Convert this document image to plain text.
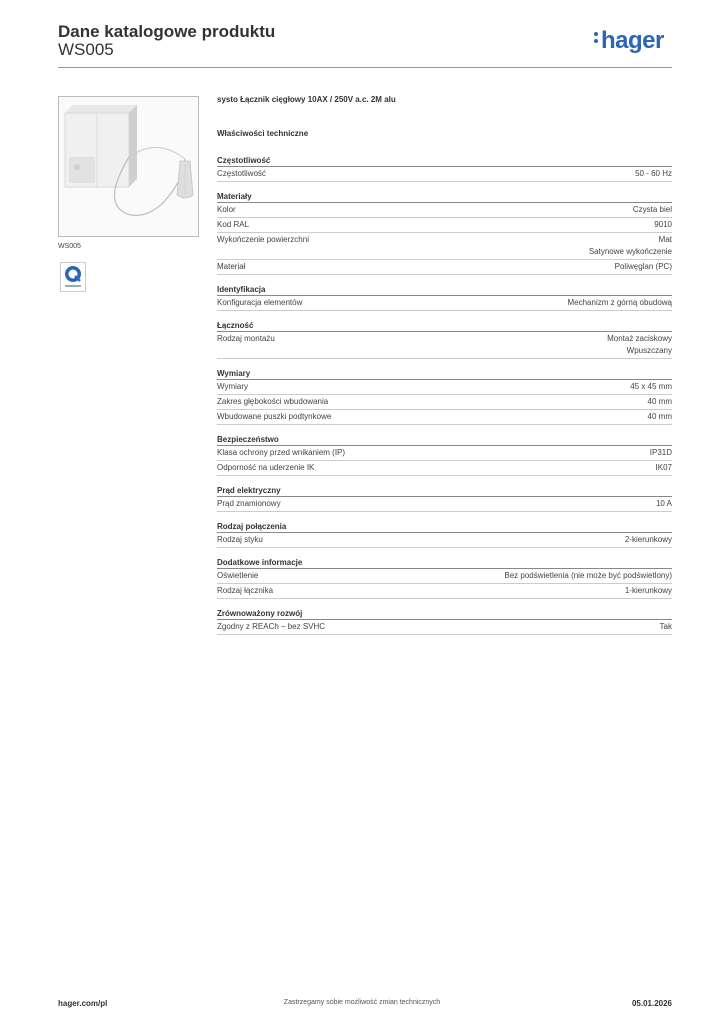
Dane katalogowe produktu
WS005	hager
WS005
systo Łącznik cięgłowy 10AX / 250V a.c. 2M alu
Właściwości techniczne
Częstotliwość
Częstotliwość	50 - 60 Hz
Materiały
Kolor	Czysta biel
Kod RAL	9010
Wykończenie powierzchni	Mat
Satynowe wykończenie
Materiał	Poliwęglan (PC)
Identyfikacja
Konfiguracja elementów	Mechanizm z górną obudową
Łączność
Rodzaj montażu	Montaż zaciskowy
Wpuszczany
Wymiary
Wymiary	45 x 45 mm
Zakres głębokości wbudowania	40 mm
Wbudowane puszki podtynkowe	40 mm
Bezpieczeństwo
Klasa ochrony przed wnikaniem (IP)	IP31D
Odporność na uderzenie IK	IK07
Prąd elektryczny
Prąd znamionowy	10 A
Rodzaj połączenia
Rodzaj styku	2-kierunkowy
Dodatkowe informacje
Oświetlenie	Bez podświetlenia (nie może być podświetlony)
Rodzaj łącznika	1-kierunkowy
Zrównoważony rozwój
Zgodny z REACh – bez SVHC	Tak
hager.com/pl	Zastrzegamy sobie możliwość zmian technicznych	05.01.2026
